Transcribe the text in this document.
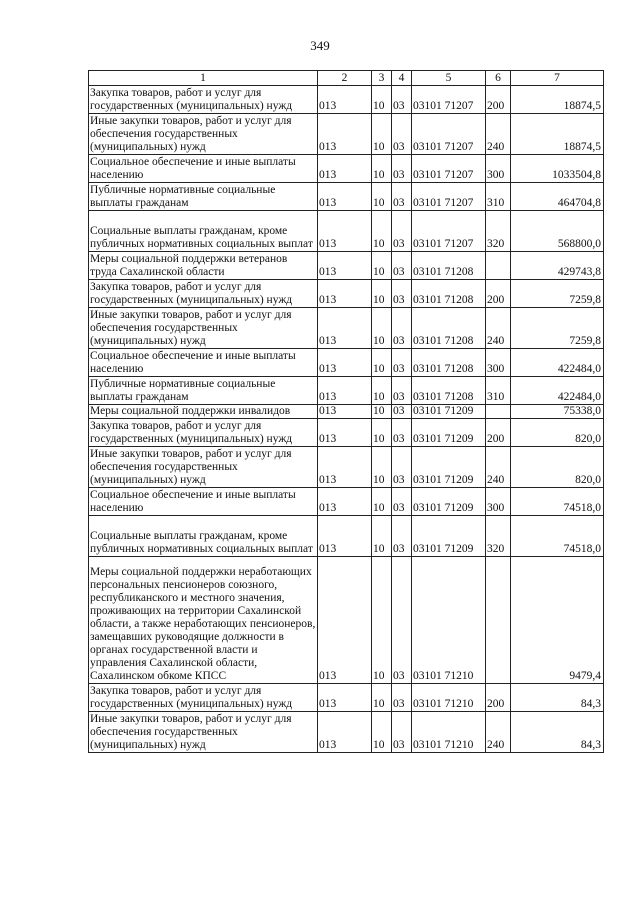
349
1	2	3	4	5	6	7
Закупка товаров, работ и услуг для государственных (муниципальных) нужд	013	10	03	03101 71207	200	18874,5
Иные закупки товаров, работ и услуг для обеспечения государственных (муниципальных) нужд	013	10	03	03101 71207	240	18874,5
Социальное обеспечение и иные выплаты населению	013	10	03	03101 71207	300	1033504,8
Публичные нормативные социальные выплаты гражданам	013	10	03	03101 71207	310	464704,8
Социальные выплаты гражданам, кроме публичных нормативных социальных выплат	013	10	03	03101 71207	320	568800,0
Меры социальной поддержки ветеранов труда Сахалинской области	013	10	03	03101 71208		429743,8
Закупка товаров, работ и услуг для государственных (муниципальных) нужд	013	10	03	03101 71208	200	7259,8
Иные закупки товаров, работ и услуг для обеспечения государственных (муниципальных) нужд	013	10	03	03101 71208	240	7259,8
Социальное обеспечение и иные выплаты населению	013	10	03	03101 71208	300	422484,0
Публичные нормативные социальные выплаты гражданам	013	10	03	03101 71208	310	422484,0
Меры социальной поддержки инвалидов	013	10	03	03101 71209		75338,0
Закупка товаров, работ и услуг для государственных (муниципальных) нужд	013	10	03	03101 71209	200	820,0
Иные закупки товаров, работ и услуг для обеспечения государственных (муниципальных) нужд	013	10	03	03101 71209	240	820,0
Социальное обеспечение и иные выплаты населению	013	10	03	03101 71209	300	74518,0
Социальные выплаты гражданам, кроме публичных нормативных социальных выплат	013	10	03	03101 71209	320	74518,0
Меры социальной поддержки неработающих персональных пенсионеров союзного, республиканского и местного значения, проживающих на территории Сахалинской области, а также неработающих пенсионеров, замещавших руководящие должности в органах государственной власти и управления Сахалинской области, Сахалинском обкоме КПСС	013	10	03	03101 71210		9479,4
Закупка товаров, работ и услуг для государственных (муниципальных) нужд	013	10	03	03101 71210	200	84,3
Иные закупки товаров, работ и услуг для обеспечения государственных (муниципальных) нужд	013	10	03	03101 71210	240	84,3
